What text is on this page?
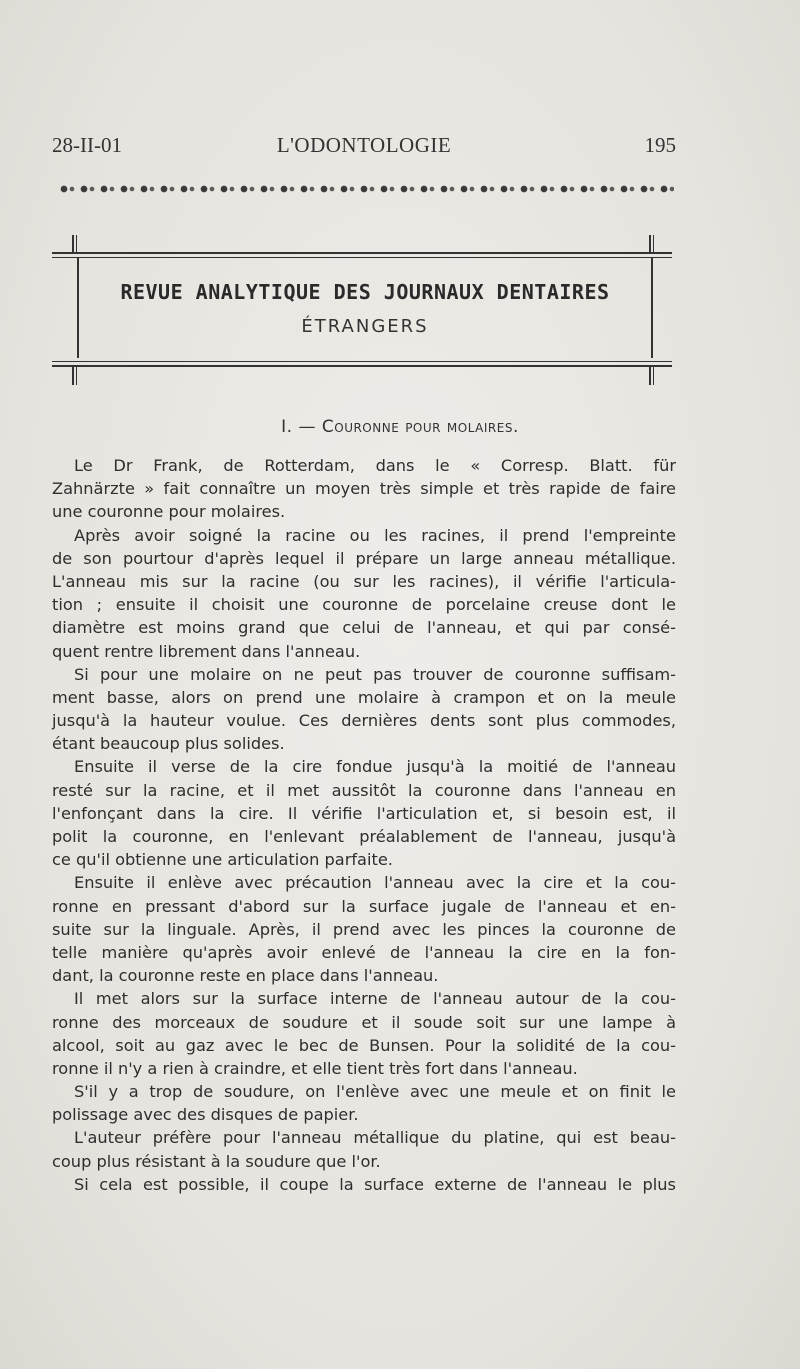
28-II-01	L'ODONTOLOGIE	195
REVUE ANALYTIQUE DES JOURNAUX DENTAIRES
ÉTRANGERS
I. — Couronne pour molaires.
Le Dr Frank, de Rotterdam, dans le « Corresp. Blatt. für
Zahnärzte » fait connaître un moyen très simple et très rapide de faire
une couronne pour molaires.
Après avoir soigné la racine ou les racines, il prend l'empreinte
de son pourtour d'après lequel il prépare un large anneau métallique.
L'anneau mis sur la racine (ou sur les racines), il vérifie l'articula-
tion ; ensuite il choisit une couronne de porcelaine creuse dont le
diamètre est moins grand que celui de l'anneau, et qui par consé-
quent rentre librement dans l'anneau.
Si pour une molaire on ne peut pas trouver de couronne suffisam-
ment basse, alors on prend une molaire à crampon et on la meule
jusqu'à la hauteur voulue. Ces dernières dents sont plus commodes,
étant beaucoup plus solides.
Ensuite il verse de la cire fondue jusqu'à la moitié de l'anneau
resté sur la racine, et il met aussitôt la couronne dans l'anneau en
l'enfonçant dans la cire. Il vérifie l'articulation et, si besoin est, il
polit la couronne, en l'enlevant préalablement de l'anneau, jusqu'à
ce qu'il obtienne une articulation parfaite.
Ensuite il enlève avec précaution l'anneau avec la cire et la cou-
ronne en pressant d'abord sur la surface jugale de l'anneau et en-
suite sur la linguale. Après, il prend avec les pinces la couronne de
telle manière qu'après avoir enlevé de l'anneau la cire en la fon-
dant, la couronne reste en place dans l'anneau.
Il met alors sur la surface interne de l'anneau autour de la cou-
ronne des morceaux de soudure et il soude soit sur une lampe à
alcool, soit au gaz avec le bec de Bunsen. Pour la solidité de la cou-
ronne il n'y a rien à craindre, et elle tient très fort dans l'anneau.
S'il y a trop de soudure, on l'enlève avec une meule et on finit le
polissage avec des disques de papier.
L'auteur préfère pour l'anneau métallique du platine, qui est beau-
coup plus résistant à la soudure que l'or.
Si cela est possible, il coupe la surface externe de l'anneau le plus
